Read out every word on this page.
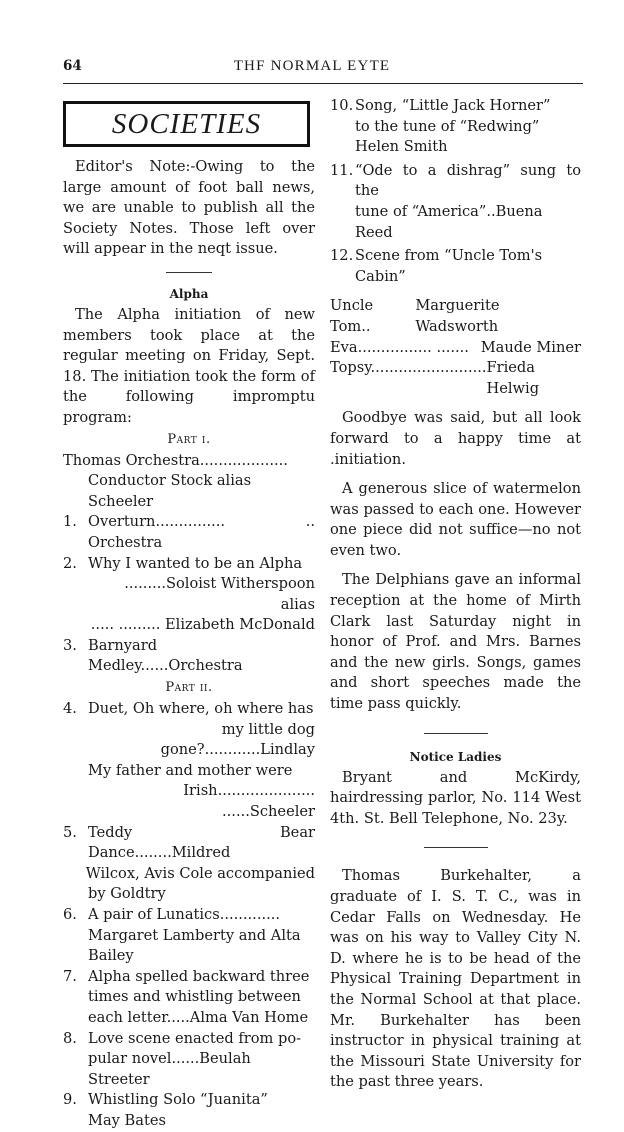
64	THF NORMAL EYTE
SOCIETIES

Editor's Note:-Owing to the large amount of foot ball news, we are unable to publish all the Society Notes. Those left over will appear in the neqt issue.

Alpha

The Alpha initiation of new members took place at the regular meeting on Friday, Sept. 18. The initiation took the form of the following impromptu program:

Part i.
Thomas Orchestra...................
Conductor Stock alias Scheeler
1. Overturn............... .. Orchestra
2. Why I wanted to be an Alpha
.........Soloist Witherspoon alias
..... ......... Elizabeth McDonald
3. Barnyard Medley......Orchestra
Part ii.
4. Duet, Oh where, oh where has
my little dog gone?............Lindlay
My father and mother were
Irish..................... ......Scheeler
5. Teddy Bear Dance........Mildred
Wilcox, Avis Cole accompanied
by Goldtry
6. A pair of Lunatics.............
Margaret Lamberty and Alta
Bailey
7. Alpha spelled backward three
times and whistling between
each letter.....Alma Van Home
8. Love scene enacted from po-
pular novel......Beulah Streeter
9. Whistling Solo “Juanita”
May Bates
10. Song, “Little Jack Horner”
to the tune of “Redwing”
Helen Smith
11. “Ode to a dishrag” sung to the
tune of “America”..Buena Reed
12. Scene from “Uncle Tom's
Cabin”
Uncle Tom..
Marguerite Wadsworth
Eva................ ....... Maude Miner
Topsy......................... Frieda Helwig

Goodbye was said, but all look forward to a happy time at .initiation.

A generous slice of watermelon was passed to each one. However one piece did not suffice—no not even two.

The Delphians gave an informal reception at the home of Mirth Clark last Saturday night in honor of Prof. and Mrs. Barnes and the new girls. Songs, games and short speeches made the time pass quickly.

Notice Ladies

Bryant and McKirdy, hairdressing parlor, No. 114 West 4th. St. Bell Telephone, No. 23y.

Thomas Burkehalter, a graduate of I. S. T. C., was in Cedar Falls on Wednesday. He was on his way to Valley City N. D. where he is to be head of the Physical Training Department in the Normal School at that place. Mr. Burkehalter has been instructor in physical training at the Missouri State University for the past three years.
